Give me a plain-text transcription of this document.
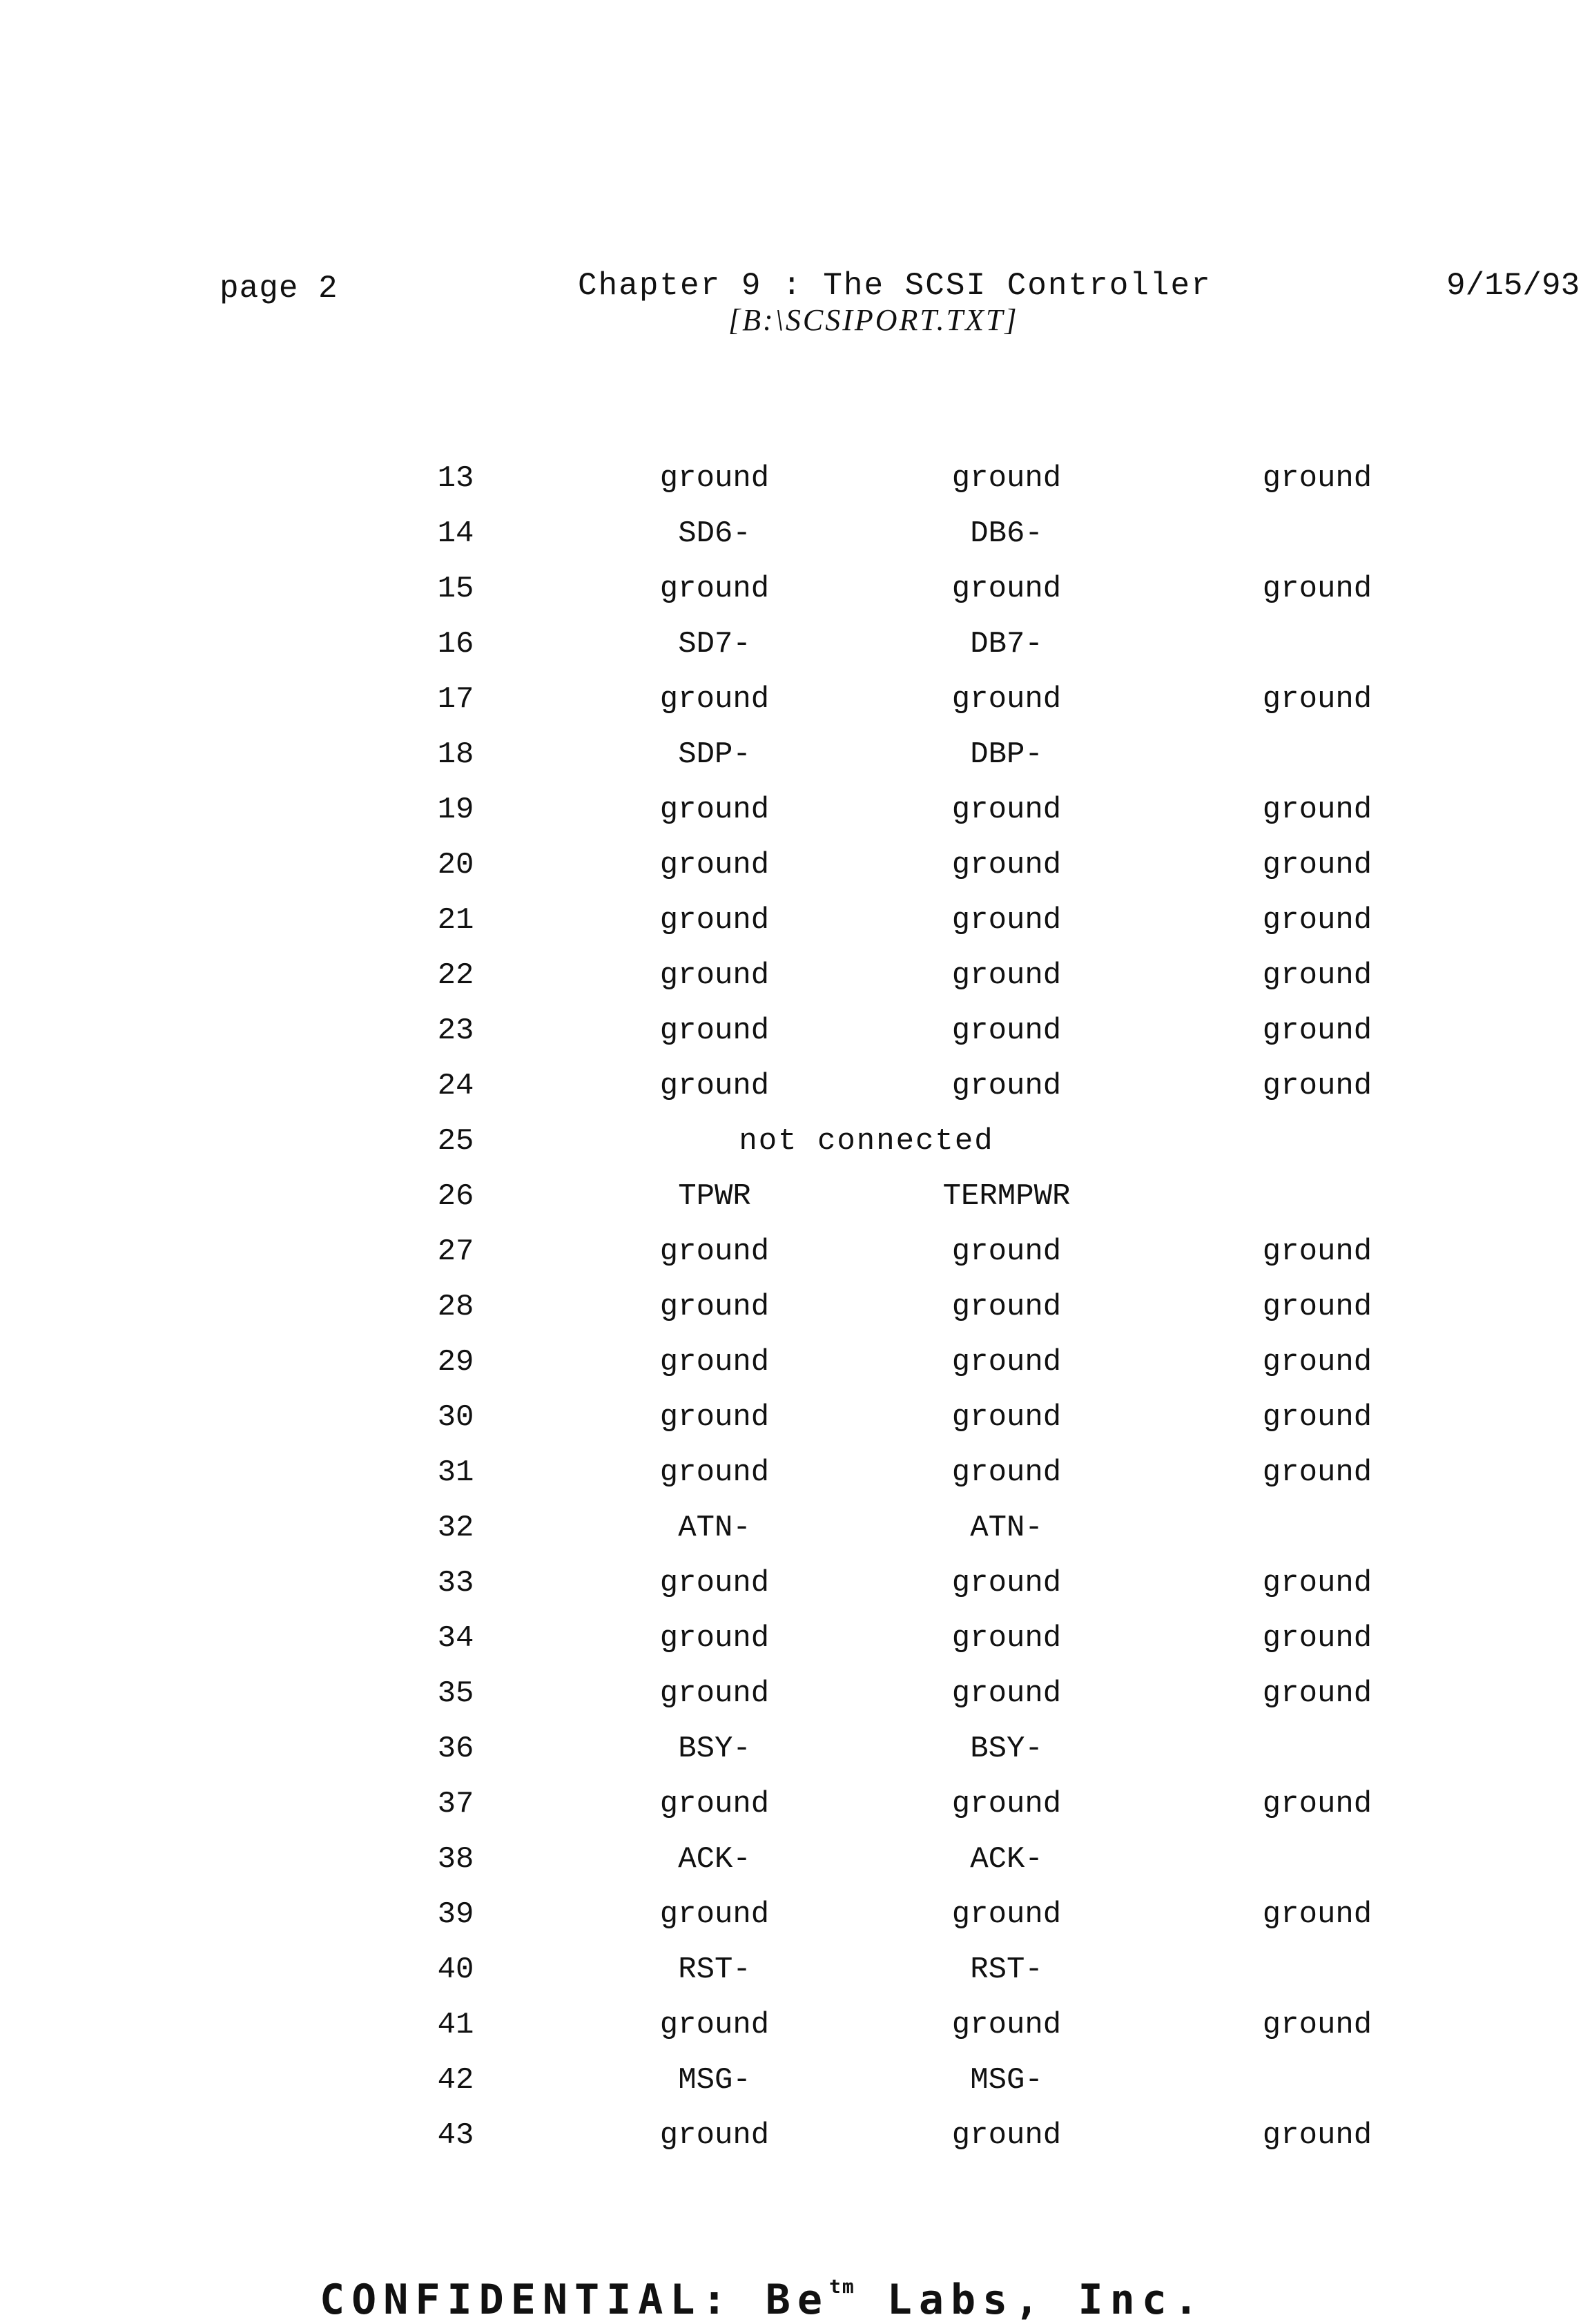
page 2	Chapter 9 : The SCSI Controller
[B:\SCSIPORT.TXT]
9/15/93
13	ground	ground	ground
14	SD6-	DB6-
15	ground	ground	ground
16	SD7-	DB7-
17	ground	ground	ground
18	SDP-	DBP-
19	ground	ground	ground
20	ground	ground	ground
21	ground	ground	ground
22	ground	ground	ground
23	ground	ground	ground
24	ground	ground	ground
25	not connected
26	TPWR	TERMPWR
27	ground	ground	ground
28	ground	ground	ground
29	ground	ground	ground
30	ground	ground	ground
31	ground	ground	ground
32	ATN-	ATN-
33	ground	ground	ground
34	ground	ground	ground
35	ground	ground	ground
36	BSY-	BSY-
37	ground	ground	ground
38	ACK-	ACK-
39	ground	ground	ground
40	RST-	RST-
41	ground	ground	ground
42	MSG-	MSG-
43	ground	ground	ground
CONFIDENTIAL: $Be^{tm}$ Labs, Inc.
